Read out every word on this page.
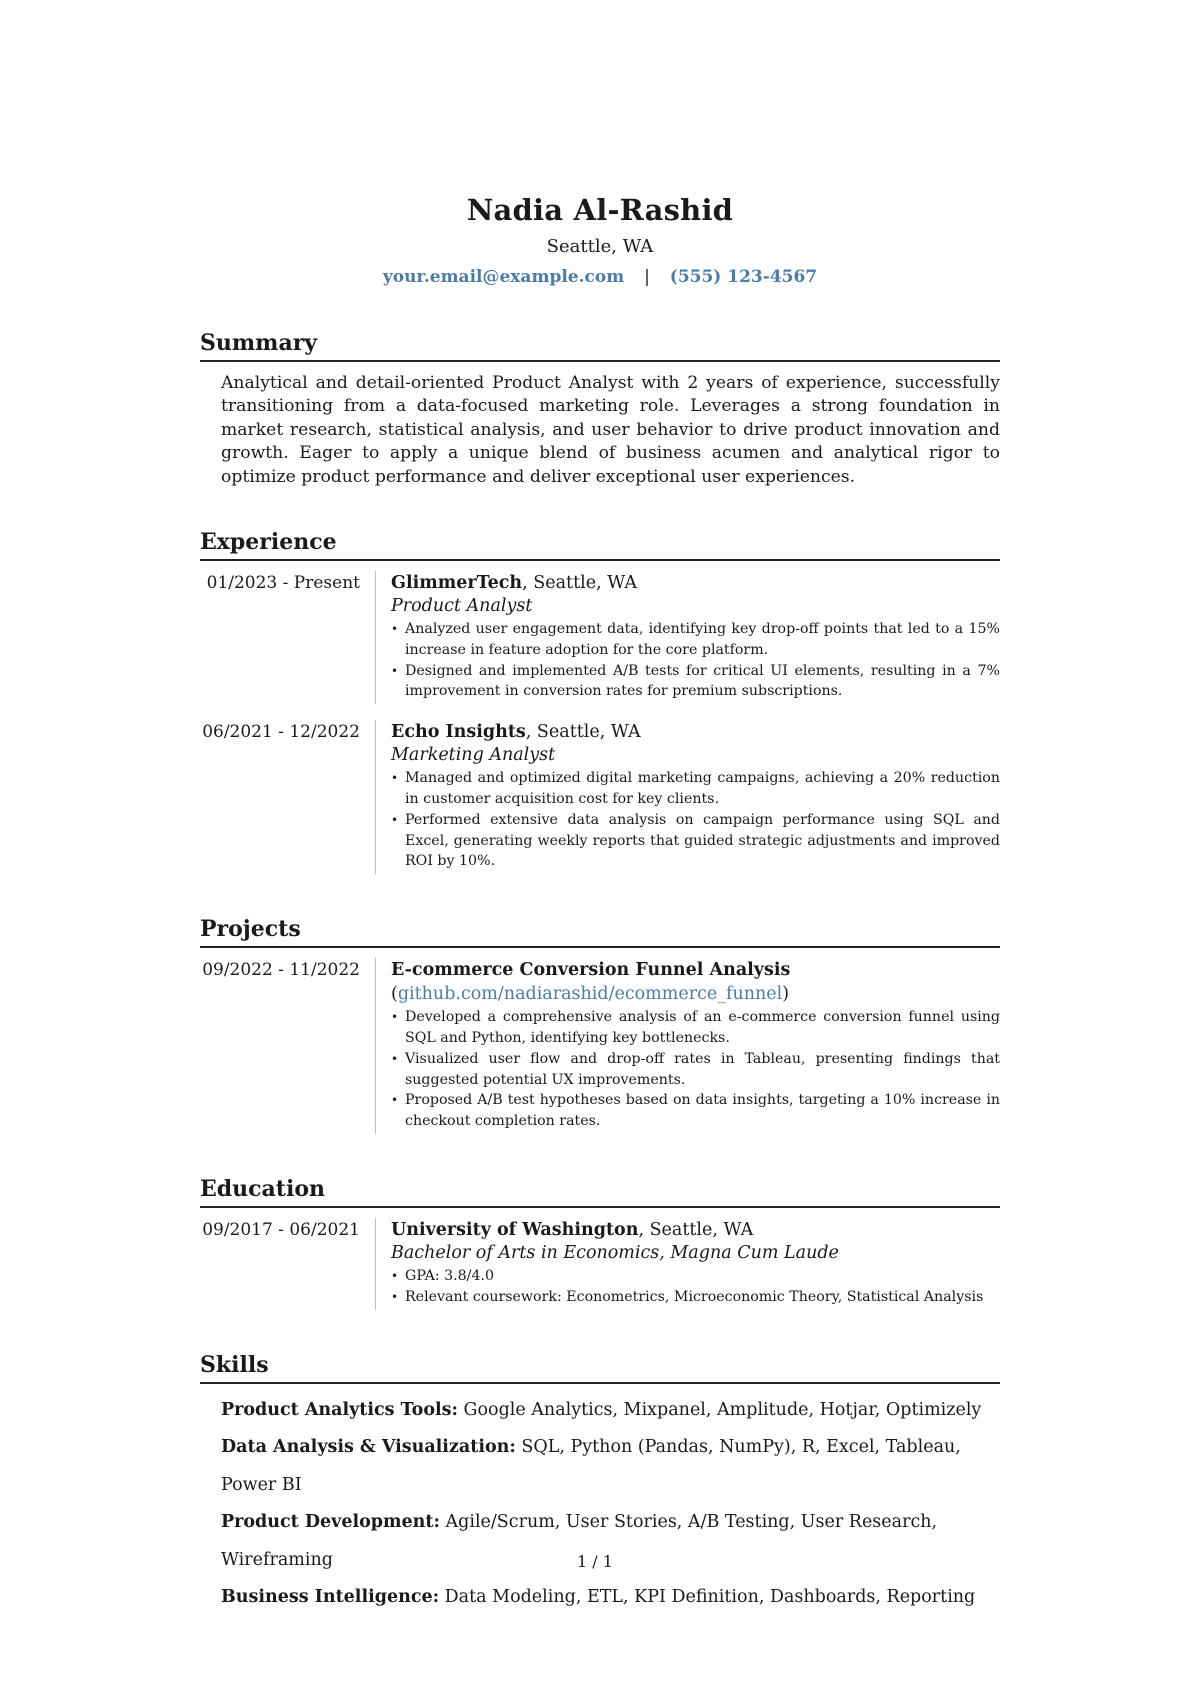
Nadia Al-Rashid

Seattle, WA

your.email@example.com | (555) 123-4567
Summary

Analytical and detail-oriented Product Analyst with 2 years of experience, successfully transitioning from a data-focused marketing role. Leverages a strong foundation in market research, statistical analysis, and user behavior to drive product innovation and growth. Eager to apply a unique blend of business acumen and analytical rigor to optimize product performance and deliver exceptional user experiences.

Experience
01/2023 - Present	GlimmerTech, Seattle, WA
Product Analyst
• Analyzed user engagement data, identifying key drop-off points that led to a 15% increase in feature adoption for the core platform.
• Designed and implemented A/B tests for critical UI elements, resulting in a 7% improvement in conversion rates for premium subscriptions.
06/2021 - 12/2022	Echo Insights, Seattle, WA
Marketing Analyst
• Managed and optimized digital marketing campaigns, achieving a 20% reduction in customer acquisition cost for key clients.
• Performed extensive data analysis on campaign performance using SQL and Excel, generating weekly reports that guided strategic adjustments and improved ROI by 10%.
Projects
09/2022 - 11/2022	E-commerce Conversion Funnel Analysis (github.com/nadiarashid/ecommerce_funnel)
• Developed a comprehensive analysis of an e-commerce conversion funnel using SQL and Python, identifying key bottlenecks.
• Visualized user flow and drop-off rates in Tableau, presenting findings that suggested potential UX improvements.
• Proposed A/B test hypotheses based on data insights, targeting a 10% increase in checkout completion rates.
Education
09/2017 - 06/2021	University of Washington, Seattle, WA
Bachelor of Arts in Economics, Magna Cum Laude
• GPA: 3.8/4.0
• Relevant coursework: Econometrics, Microeconomic Theory, Statistical Analysis
Skills
Product Analytics Tools: Google Analytics, Mixpanel, Amplitude, Hotjar, Optimizely
Data Analysis & Visualization: SQL, Python (Pandas, NumPy), R, Excel, Tableau, Power BI
Product Development: Agile/Scrum, User Stories, A/B Testing, User Research, Wireframing
Business Intelligence: Data Modeling, ETL, KPI Definition, Dashboards, Reporting
1 / 1
